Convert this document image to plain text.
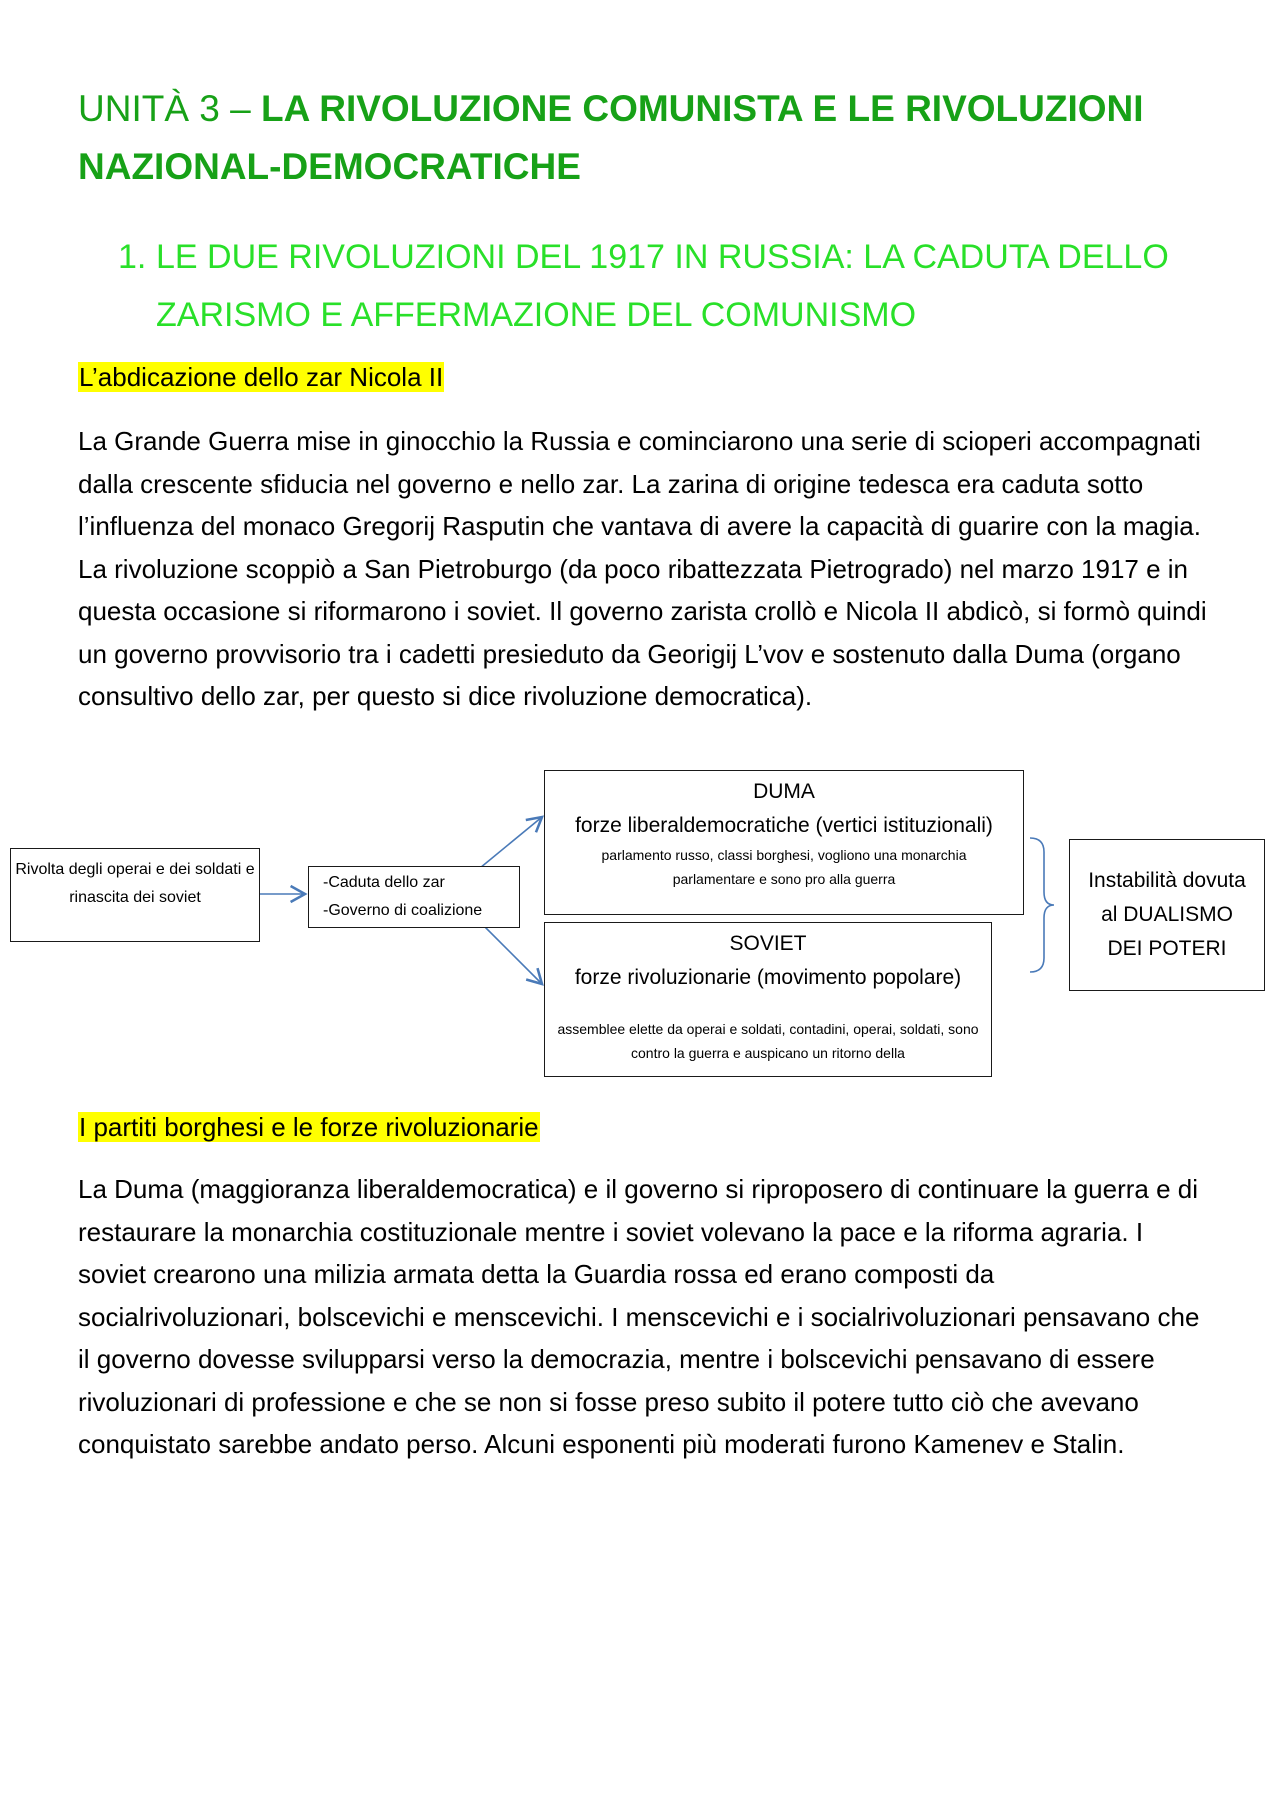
UNITÀ 3 – LA RIVOLUZIONE COMUNISTA E LE RIVOLUZIONI NAZIONAL-DEMOCRATICHE
1. LE DUE RIVOLUZIONI DEL 1917 IN RUSSIA: LA CADUTA DELLO ZARISMO E AFFERMAZIONE DEL COMUNISMO
L’abdicazione dello zar Nicola II
La Grande Guerra mise in ginocchio la Russia e cominciarono una serie di scioperi accompagnati dalla crescente sfiducia nel governo e nello zar. La zarina di origine tedesca era caduta sotto l’influenza del monaco Gregorij Rasputin che vantava di avere la capacità di guarire con la magia. La rivoluzione scoppiò a San Pietroburgo (da poco ribattezzata Pietrogrado) nel marzo 1917 e in questa occasione si riformarono i soviet. Il governo zarista crollò e Nicola II abdicò, si formò quindi un governo provvisorio tra i cadetti presieduto da Georigij L’vov e sostenuto dalla Duma (organo consultivo dello zar, per questo si dice rivoluzione democratica).
Rivolta degli operai e dei soldati e rinascita dei soviet
-Caduta dello zar
-Governo di coalizione
DUMA
forze liberaldemocratiche (vertici istituzionali)
parlamento russo, classi borghesi, vogliono una monarchia parlamentare e sono pro alla guerra
SOVIET
forze rivoluzionarie (movimento popolare)
assemblee elette da operai e soldati, contadini, operai, soldati, sono contro la guerra e auspicano un ritorno della
Instabilità dovuta al DUALISMO DEI POTERI
I partiti borghesi e le forze rivoluzionarie
La Duma (maggioranza liberaldemocratica) e il governo si riproposero di continuare la guerra e di restaurare la monarchia costituzionale mentre i soviet volevano la pace e la riforma agraria. I soviet crearono una milizia armata detta la Guardia rossa ed erano composti da socialrivoluzionari, bolscevichi e menscevichi. I menscevichi e i socialrivoluzionari pensavano che il governo dovesse svilupparsi verso la democrazia, mentre i bolscevichi pensavano di essere rivoluzionari di professione e che se non si fosse preso subito il potere tutto ciò che avevano conquistato sarebbe andato perso. Alcuni esponenti più moderati furono Kamenev e Stalin.
